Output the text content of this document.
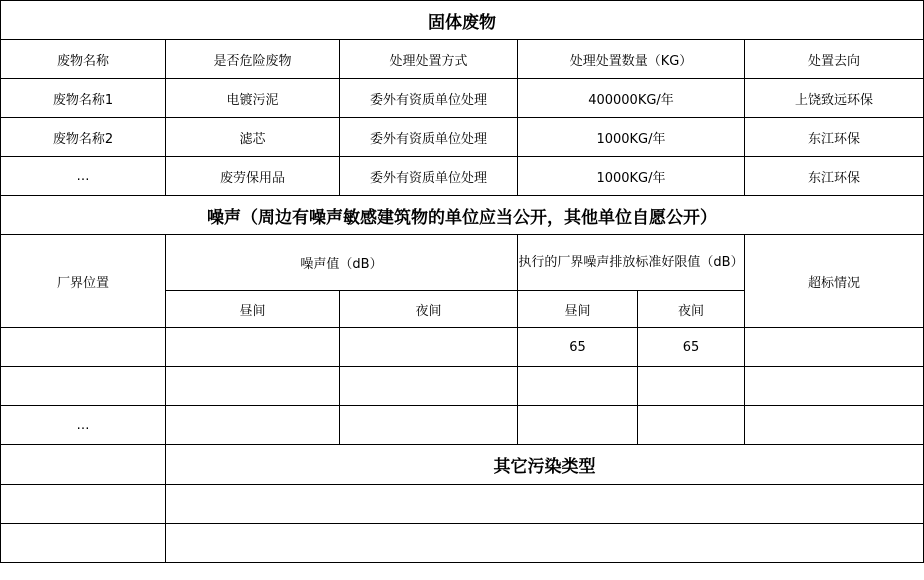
固体废物					
废物名称	是否危险废物	处理处置方式	处理处置数量（KG）		处置去向
废物名称1	电镀污泥	委外有资质单位处理	400000KG/年		上饶致远环保
废物名称2	滤芯	委外有资质单位处理	1000KG/年		东江环保
…	废劳保用品	委外有资质单位处理	1000KG/年		东江环保
噪声（周边有噪声敏感建筑物的单位应当公开，其他单位自愿公开）					
厂界位置	噪声值（dB）		执行的厂界噪声排放标准好限值（dB）		超标情况
	昼间	夜间	昼间	夜间	
			65	65	

…					
	其它污染类型				
